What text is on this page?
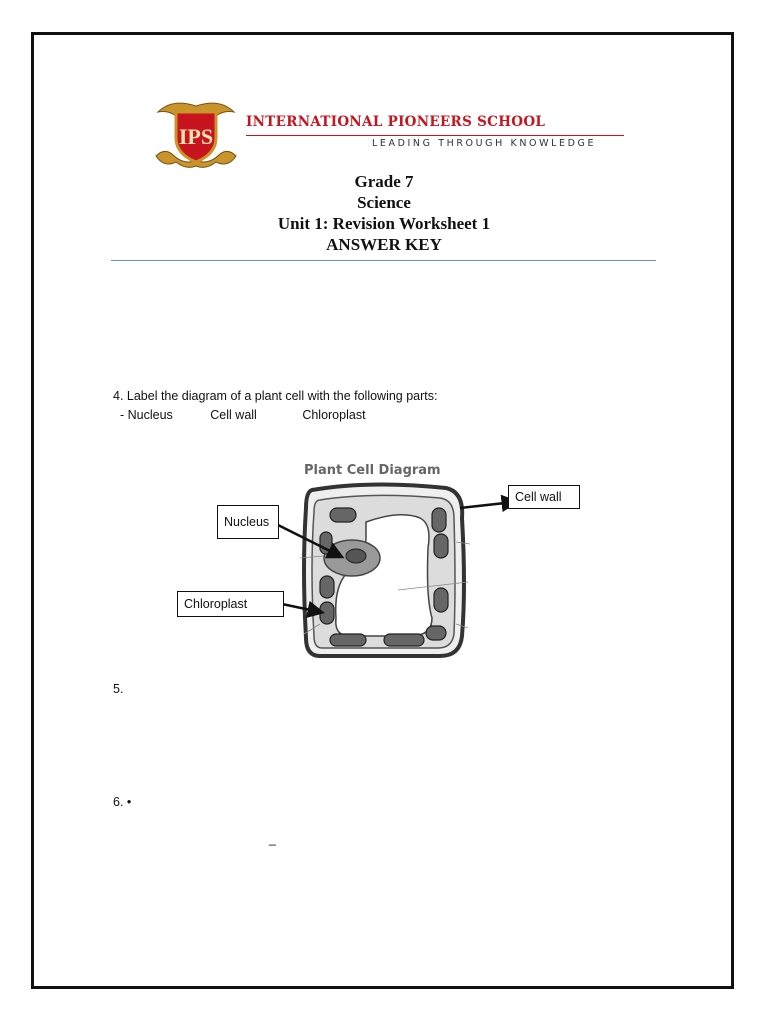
IPS
INTERNATIONAL PIONEERS SCHOOL
LEADING THROUGH KNOWLEDGE
Grade 7
Science
Unit 1: Revision Worksheet 1
ANSWER KEY
4. Label the diagram of a plant cell with the following parts:
- Nucleus	Cell wall	Chloroplast
Plant Cell Diagram
Cell wall
Nucleus
Chloroplast
5.
6. •
_
